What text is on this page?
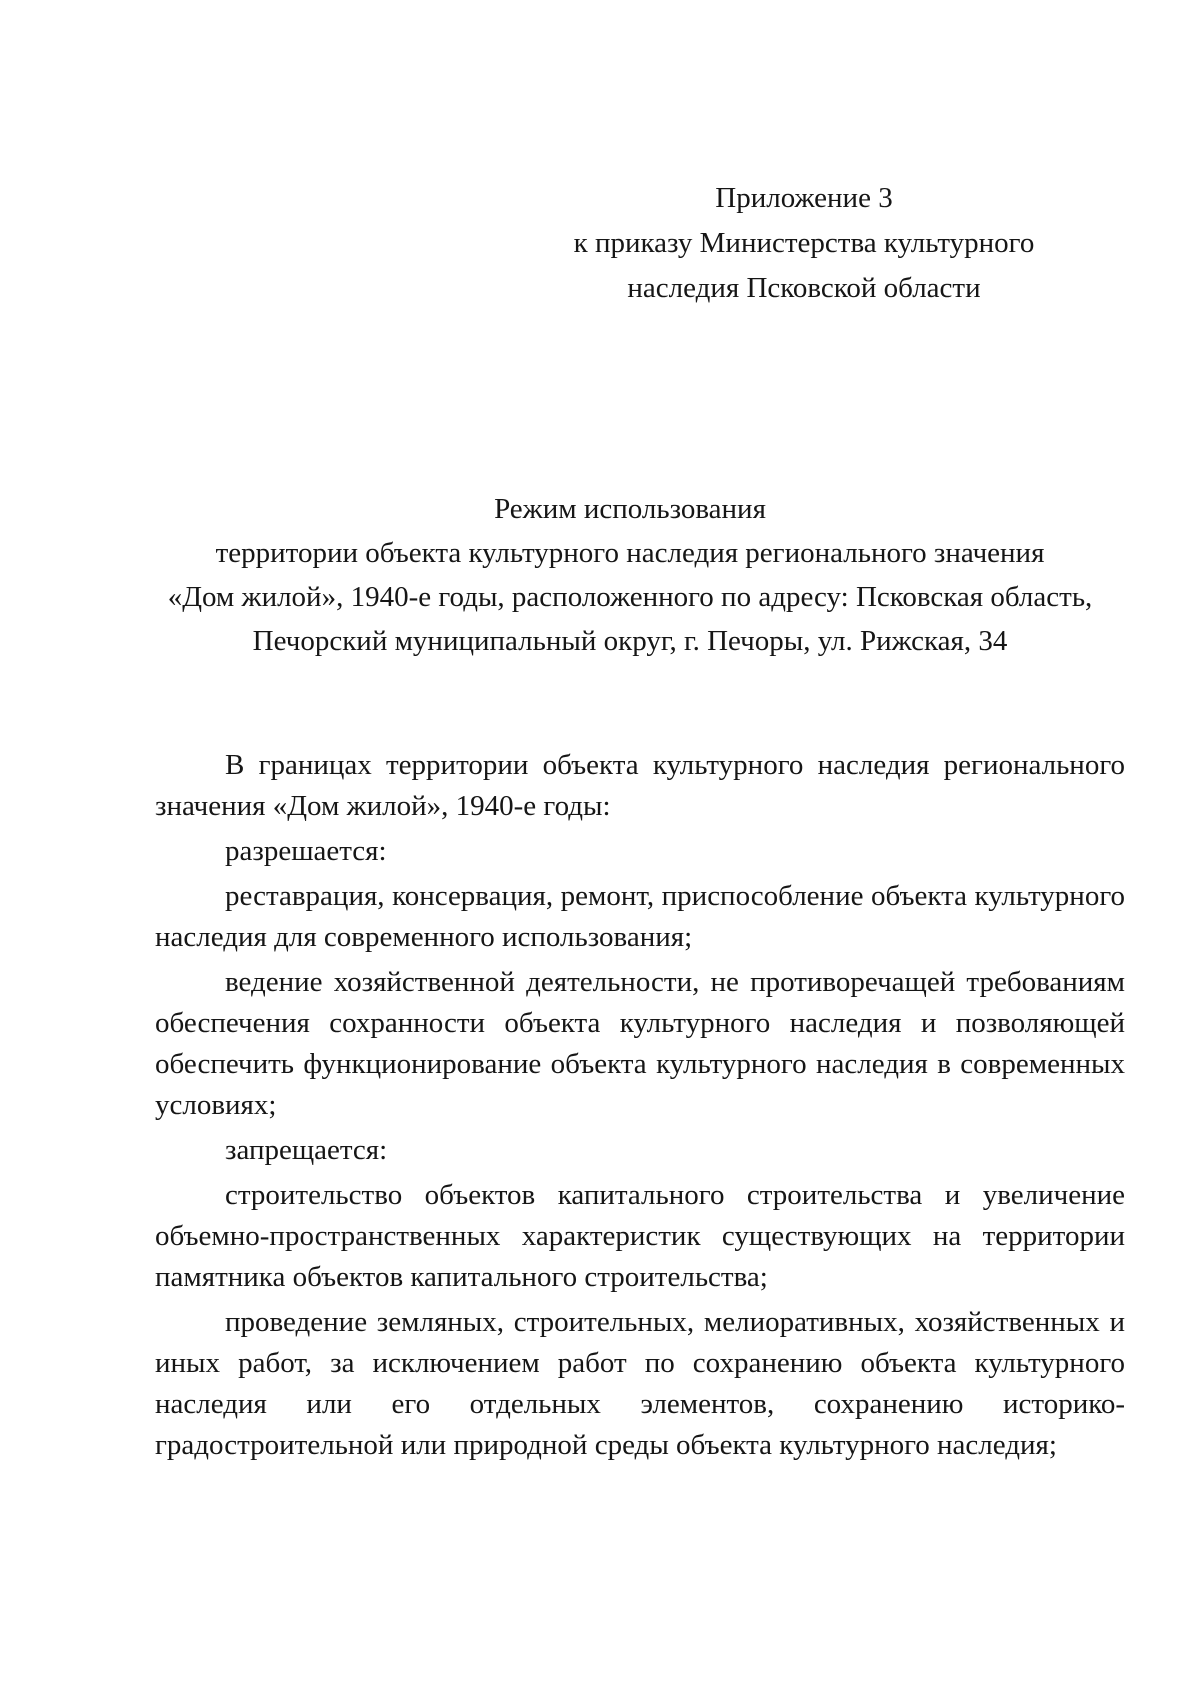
Приложение 3
к приказу Министерства культурного
наследия Псковской области
Режим использования
территории объекта культурного наследия регионального значения
«Дом жилой», 1940-е годы, расположенного по адресу: Псковская область,
Печорский муниципальный округ, г. Печоры, ул. Рижская, 34

В границах территории объекта культурного наследия регионального значения «Дом жилой», 1940-е годы:

разрешается:

реставрация, консервация, ремонт, приспособление объекта культурного наследия для современного использования;

ведение хозяйственной деятельности, не противоречащей требованиям обеспечения сохранности объекта культурного наследия и позволяющей обеспечить функционирование объекта культурного наследия в современных условиях;

запрещается:

строительство объектов капитального строительства и увеличение объемно-пространственных характеристик существующих на территории памятника объектов капитального строительства;

проведение земляных, строительных, мелиоративных, хозяйственных и иных работ, за исключением работ по сохранению объекта культурного наследия или его отдельных элементов, сохранению историко-градостроительной или природной среды объекта культурного наследия;
